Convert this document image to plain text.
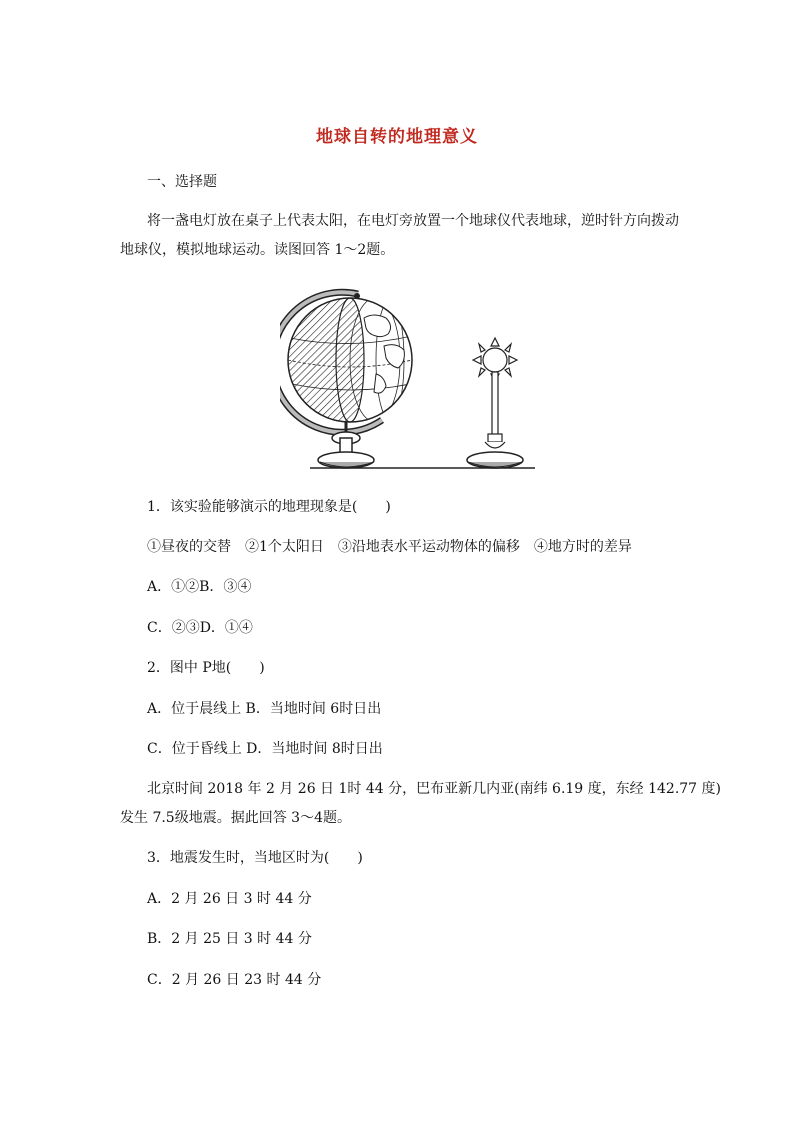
地球自转的地理意义
一、选择题
将一盏电灯放在桌子上代表太阳，在电灯旁放置一个地球仪代表地球，逆时针方向拨动
地球仪，模拟地球运动。读图回答 1～2题。
1．该实验能够演示的地理现象是(　　)
①昼夜的交替　②1个太阳日　③沿地表水平运动物体的偏移　④地方时的差异
A．①②B．③④
C．②③D．①④
2．图中 P地(　　)
A．位于晨线上 B．当地时间 6时日出
C．位于昏线上 D．当地时间 8时日出
北京时间 2018 年 2 月 26 日 1时 44 分，巴布亚新几内亚(南纬 6.19 度，东经 142.77 度)
发生 7.5级地震。据此回答 3～4题。
3．地震发生时，当地区时为(　　)
A．2 月 26 日 3 时 44 分
B．2 月 25 日 3 时 44 分
C．2 月 26 日 23 时 44 分
